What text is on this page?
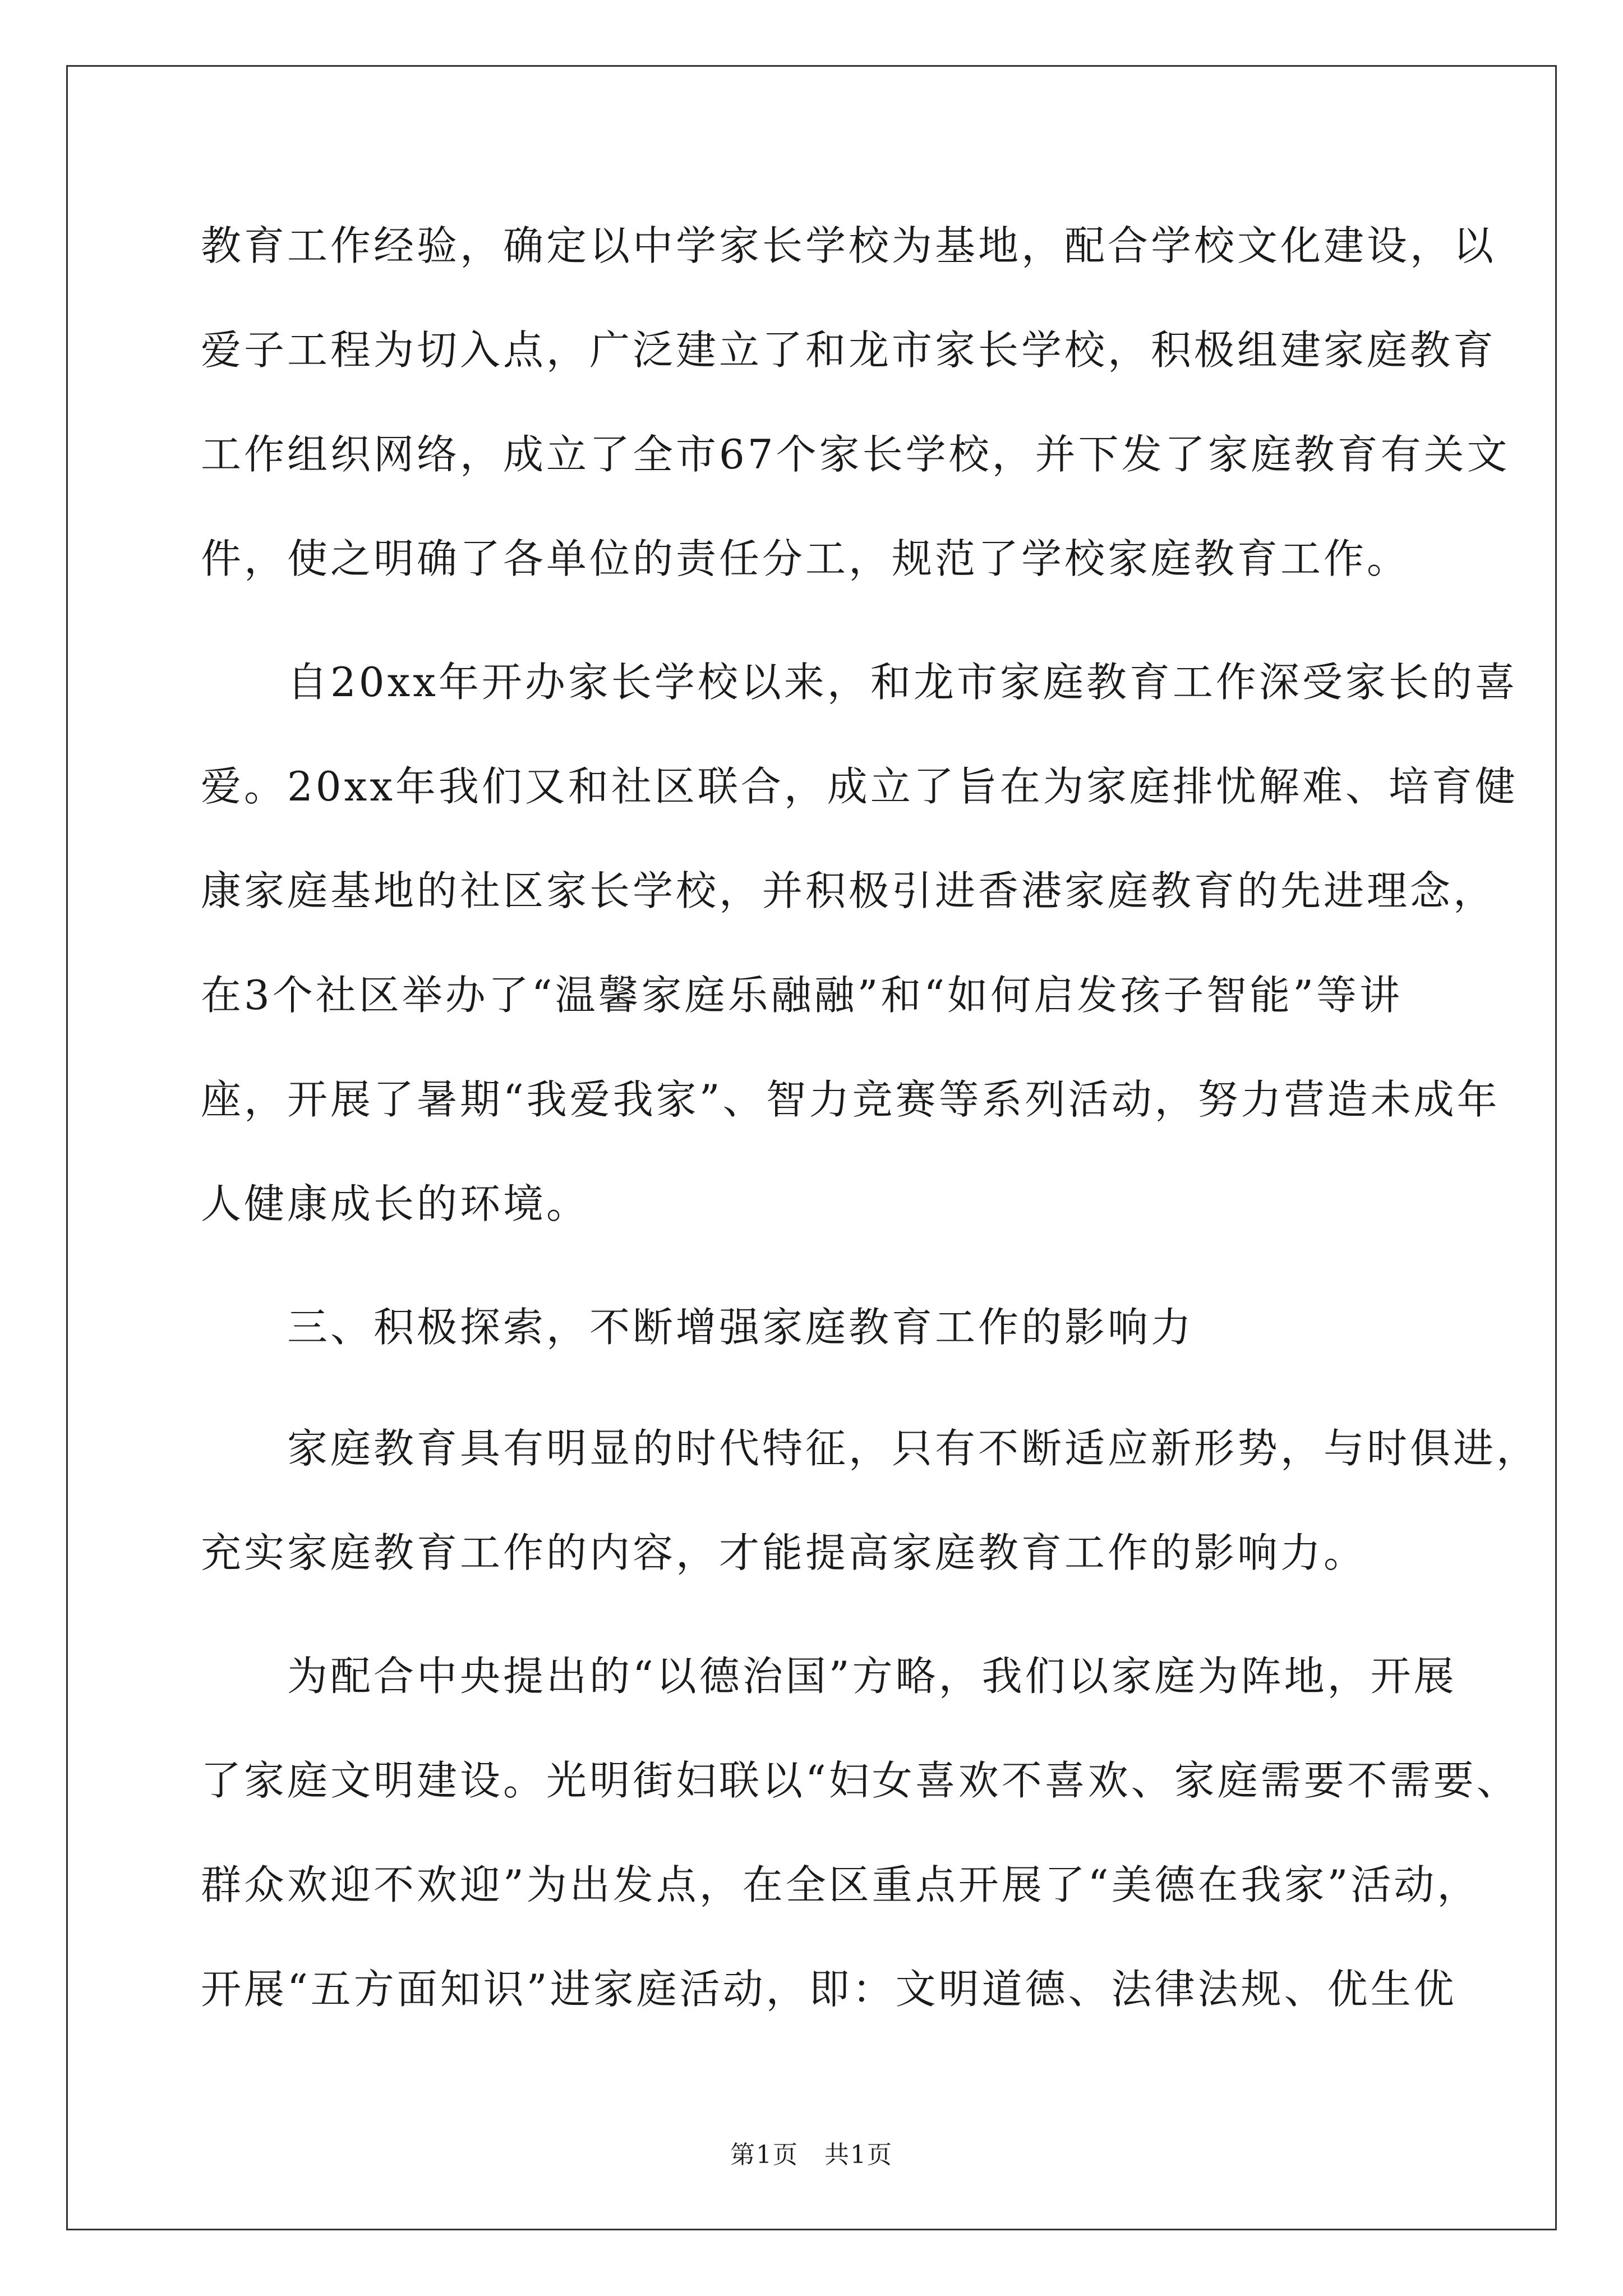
教育工作经验，确定以中学家长学校为基地，配合学校文化建设，以
爱子工程为切入点，广泛建立了和龙市家长学校，积极组建家庭教育
工作组织网络，成立了全市67个家长学校，并下发了家庭教育有关文
件，使之明确了各单位的责任分工，规范了学校家庭教育工作。
　　自20xx年开办家长学校以来，和龙市家庭教育工作深受家长的喜
爱。20xx年我们又和社区联合，成立了旨在为家庭排忧解难、培育健
康家庭基地的社区家长学校，并积极引进香港家庭教育的先进理念，
在3个社区举办了“温馨家庭乐融融”和“如何启发孩子智能”等讲
座，开展了暑期“我爱我家”、智力竞赛等系列活动，努力营造未成年
人健康成长的环境。
　　三、积极探索，不断增强家庭教育工作的影响力
　　家庭教育具有明显的时代特征，只有不断适应新形势，与时俱进，
充实家庭教育工作的内容，才能提高家庭教育工作的影响力。
　　为配合中央提出的“以德治国”方略，我们以家庭为阵地，开展
了家庭文明建设。光明街妇联以“妇女喜欢不喜欢、家庭需要不需要、
群众欢迎不欢迎”为出发点，在全区重点开展了“美德在我家”活动，
开展“五方面知识”进家庭活动，即：文明道德、法律法规、优生优
第1页　共1页
